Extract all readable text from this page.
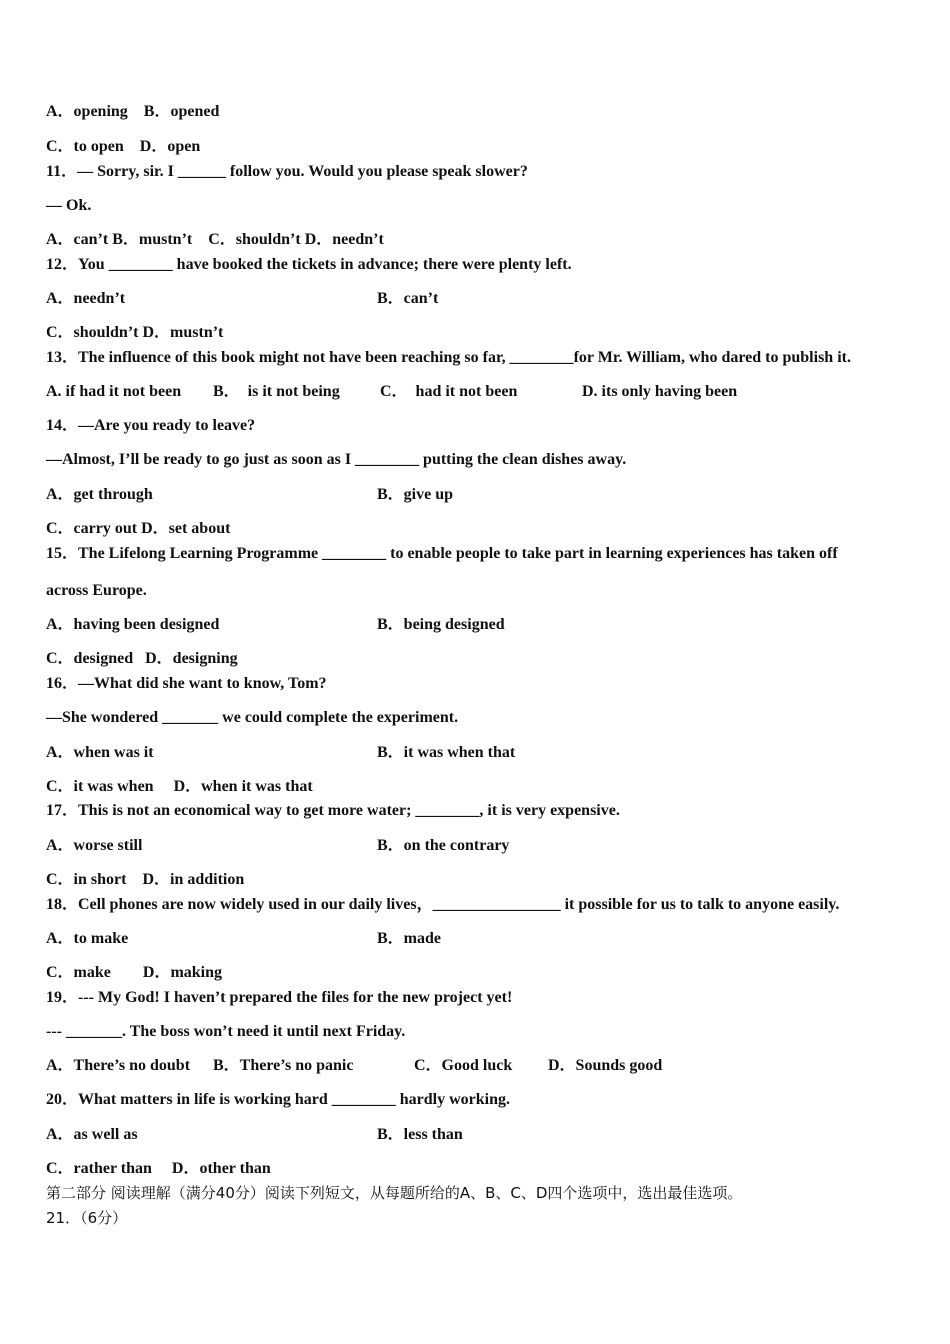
A．opening    B．opened
C．to open    D．open
11．— Sorry, sir. I ______ follow you. Would you please speak slower?
— Ok.
A．can’t B．mustn’t    C．shouldn’t D．needn’t
12．You ________ have booked the tickets in advance; there were plenty left.
A．needn’t	B．can’t
C．shouldn’t D．mustn’t
13．The influence of this book might not have been reaching so far, ________for Mr. William, who dared to publish it.
A. if had it not been B．  is it not being	C．  had it not been	D. its only having been
14．—Are you ready to leave?
—Almost, I’ll be ready to go just as soon as I ________ putting the clean dishes away.
A．get through	B．give up
C．carry out D．set about
15．The Lifelong Learning Programme ________ to enable people to take part in learning experiences has taken off
across Europe.
A．having been designed	B．being designed
C．designed   D．designing
16．—What did she want to know, Tom?
—She wondered _______ we could complete the experiment.
A．when was it	B．it was when that
C．it was when     D．when it was that
17．This is not an economical way to get more water; ________, it is very expensive.
A．worse still	B．on the contrary
C．in short    D．in addition
18．Cell phones are now widely used in our daily lives，________________ it possible for us to talk to anyone easily.
A．to make	B．made
C．make        D．making
19．--- My God! I haven’t prepared the files for the new project yet!
--- _______. The boss won’t need it until next Friday.
A．There’s no doubt B．There’s no panic	C．Good luck D．Sounds good
20．What matters in life is working hard ________ hardly working.
A．as well as	B．less than
C．rather than     D．other than
第二部分 阅读理解（满分40分）阅读下列短文，从每题所给的A、B、C、D四个选项中，选出最佳选项。
21．（6分）
